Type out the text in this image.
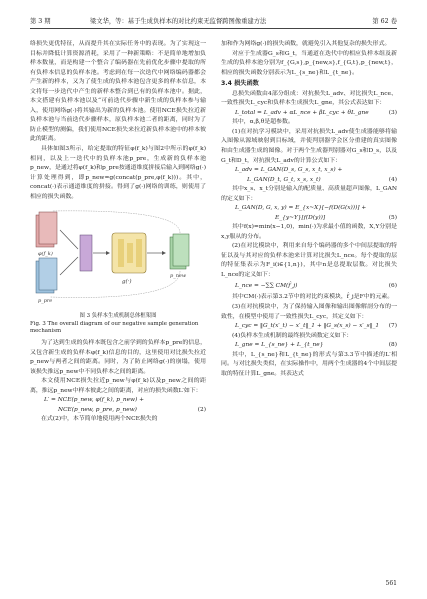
第 3 期	梁文华，等：基于生成负样本的对比约束无监督跨图像重建方法	第 62 卷

络损失更优特征，从而提升其在实际任务中的表现。为了实现这一目标并降低计算资源消耗，采用了一种新策略：不是简单地增加负样本数量，而是构建一个整合了编码器在先前优化步骤中提取的所有负样本信息的负样本池。考虑到在每一次迭代中网络编码器都会产生新的样本，又为了使生成的负样本池包含更多的样本信息，本文将每一步迭代中产生的新样本整合到已有的负样本池中。据此，本文搭建有负样本池以及“可前迭代步骤中新生成的负样本参与输入，使用网络g(·)将其输出为新的负样本池。使用NCE损失拉近新负样本池与当前迭代步骤样本，原负样本池二者的距离，同时为了防止模型的测偏，我们使用NCE损失来拉近新负样本池中的样本彼此的距离。

具体如图3所示，给定提取的特征φ(f_k)与图2中所示的φ(f_k)相同，以及上一迭代中的负样本池p_pre，生成新的负样本池p_new，是通过将φ(f_k)和p_pre按通道维度拼接后输入到网络g(·)计算处理得到，即p_new=g(concat(p_pre,φ(f_k)))。其中，concat(·)表示通道维度的拼接。得到了g(·)网络的训练，则使用了相应的损失函数。

φ(f_k)
p_pre
g(·)
p_new
图 3 负样本生成机制总体框架图
Fig. 3 The overall diagram of our negative sample generation mechanism

为了达到生成的负样本既包含之前学到的负样本p_pre的信息，又包含新生成的负样本φ(f_k)信息的目的，这里使用对比损失拉近p_new与两者之间的距离。同时，为了防止网络g(·)的崩塌，使用该损失推远p_new中不同负样本之间的距离。

本文使用NCE损失拉近p_new与φ(f_k)以及p_new之间的距离，推远p_new中样本彼此之间的距离，对应的损失函数L′如下：

L′ = NCE(p_new, φ(f_k), p_new) +
NCE(p_new, p_pre, p_new)	(2)

在式(2)中，本节简单地使用两个NCE损失的

加和作为网络g(·)的损失函数，就避免引入其他复杂的损失形式。

对应于生成器G_s和G_t，当通道在迭代中的相应负样本组及新生成的负样本池分别为f_{G,s},p_{new,s},f_{G,t},p_{new,t}，相应的损失函数分别表示为L_{s_ne}和L_{t_ne}。

3.4 损失函数

总损失函数由4部分组成：对抗损失L_adv、对比损失L_nce、一致性损失L_cyc和负样本生成损失L_gne，其公式表达如下：

L_total = L_adv + αL_nce + βL_cyc + θL_gne	(3)

其中，α,β,θ是超参数。

(1)在对抗学习模块中，采用对抗损失L_adv使生成器能够将输入图像从源域映射到目标域，并使判别器学会区分重建的真实图像和由生成器生成的图像。对于两个生成器判别器对G_s和D_s，以及G_t和D_t，对抗损失L_adv的计算公式如下：

L_adv = L_GAN(D_s, G_s, x_t, x_s) +
L_GAN(D_t, G_t, x_s, x_t)	(4)

其中x_s、x_t分别是输入的配质量、高质量超声图像，L_GAN的定义如下：

L_GAN(D, G, x, y) = E_{x~X}[−f(D(G(x)))] +
E_{y~Y}[f(D(y))]	(5)

其中f(x)=min(x−1,0)，min(·)为求最小值的函数，X,Y分别是x,y服从的分布。

(2)在对比模块中，利用来自每个编码器的多个中间层提取的特征以及与其对应的负样本池来计算对比损失L_nce。每个提取的层的特征集表示为F_i(i∈{1,n})，其中n是总提取层数。对比损失L_nce的定义如下：

L_nce = −∑∑ CM(f̂_j)	(6)

其中CM(·)表示第3.2节中的对比约束模块，f̂_j是F中的元素。

(3)在对抗模块中，为了保持输入图像和输出图像解剖分布的一致性，在模型中使用了一致性损失L_cyc，其定义如下：

L_cyc = ‖G_t(x′_t) − x′_t‖_1 + ‖G_s(x_s) − x′_s‖_1 (7)

(4)负样本生成机制的最终损失函数定义如下：

L_gne = L_{s_ne} + L_{t_ne}	(8)

其中，L_{s_ne}和L_{t_ne}的形式与第3.3节中描述的L′相同。与对比损失类似，在实际操作中，用两个生成器的4个中间层提取的特征计算L_gne。其表达式

561
